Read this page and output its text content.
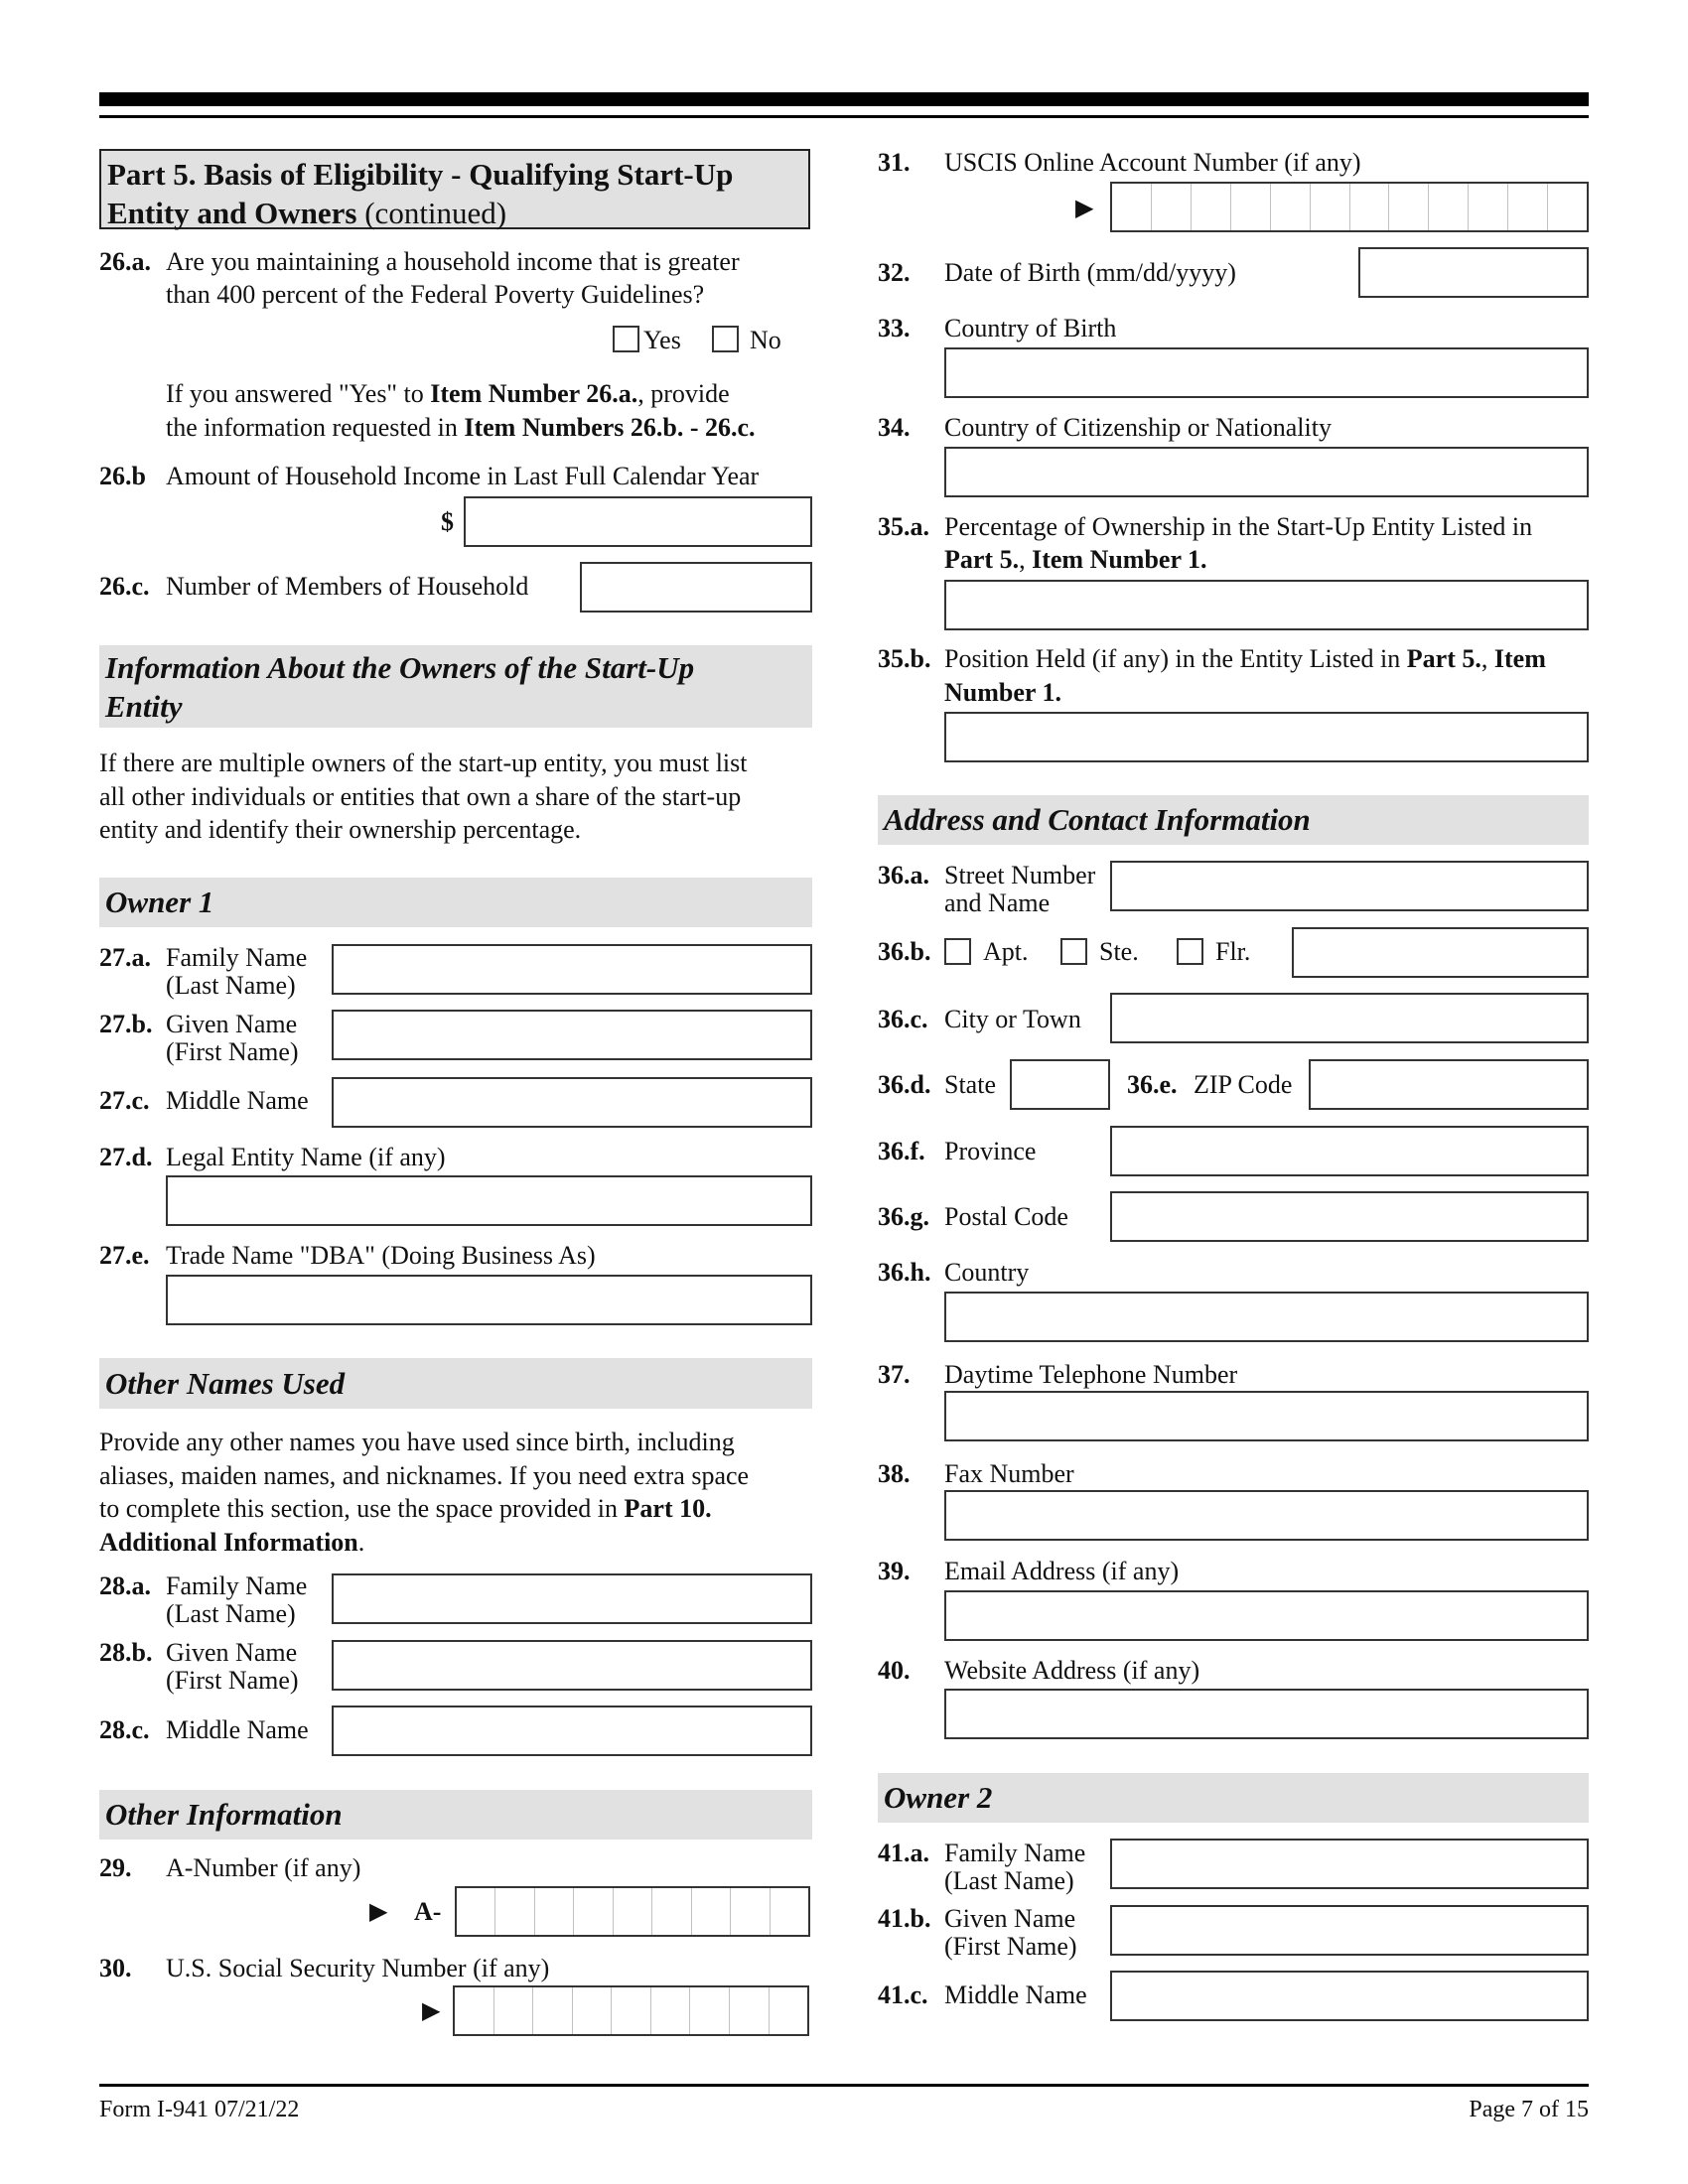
Part 5. Basis of Eligibility - Qualifying Start-Up
Entity and Owners (continued)
26.a. Are you maintaining a household income that is greater
than 400 percent of the Federal Poverty Guidelines?
Yes	No
If you answered "Yes" to Item Number 26.a., provide
the information requested in Item Numbers 26.b. - 26.c.
26.b Amount of Household Income in Last Full Calendar Year
$
26.c. Number of Members of Household
Information About the Owners of the Start-Up
Entity
If there are multiple owners of the start-up entity, you must list
all other individuals or entities that own a share of the start-up
entity and identify their ownership percentage.
Owner 1
27.a. Family Name
(Last Name)
27.b. Given Name
(First Name)
27.c. Middle Name
27.d. Legal Entity Name (if any)
27.e. Trade Name "DBA" (Doing Business As)
Other Names Used
Provide any other names you have used since birth, including
aliases, maiden names, and nicknames. If you need extra space
to complete this section, use the space provided in Part 10.
Additional Information.
28.a. Family Name
(Last Name)
28.b. Given Name
(First Name)
28.c. Middle Name
Other Information
29. A-Number (if any)
▶ A-
30. U.S. Social Security Number (if any)
▶
31. USCIS Online Account Number (if any)
▶
32. Date of Birth (mm/dd/yyyy)
33. Country of Birth
34. Country of Citizenship or Nationality
35.a. Percentage of Ownership in the Start-Up Entity Listed in
Part 5., Item Number 1.
35.b. Position Held (if any) in the Entity Listed in Part 5., Item
Number 1.
Address and Contact Information
36.a. Street Number
and Name
36.b. Apt.	Ste.	Flr.
36.c. City or Town
36.d. State	36.e. ZIP Code
36.f. Province
36.g. Postal Code
36.h. Country
37. Daytime Telephone Number
38. Fax Number
39. Email Address (if any)
40. Website Address (if any)
Owner 2
41.a. Family Name
(Last Name)
41.b. Given Name
(First Name)
41.c. Middle Name
Form I-941 07/21/22	Page 7 of 15
